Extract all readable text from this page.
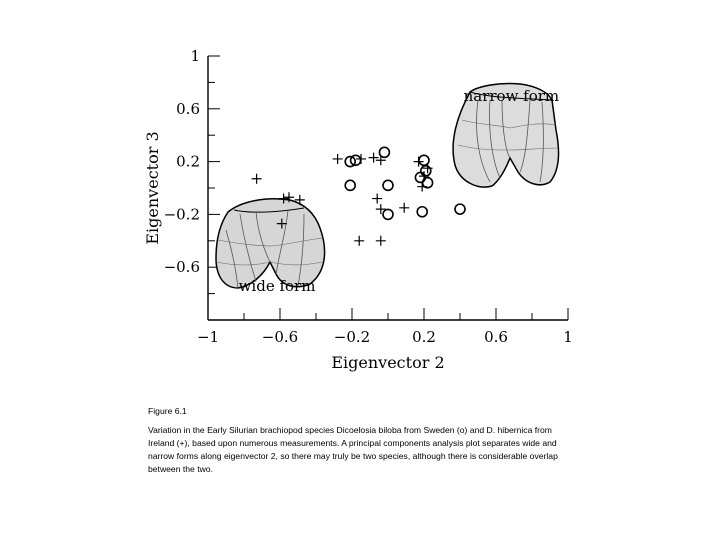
1
0.6
0.2
−0.2
−0.6
−1	−0.6 −0.2	0.2	0.6	1
Eigenvector 2
Eigenvector 3
narrow form
wide form
Figure 6.1
Variation in the Early Silurian brachiopod species Dicoelosia biloba from Sweden (o) and D. hibernica from Ireland (+), based upon numerous measurements. A principal components analysis plot separates wide and narrow forms along eigenvector 2, so there may truly be two species, although there is considerable overlap between the two.
